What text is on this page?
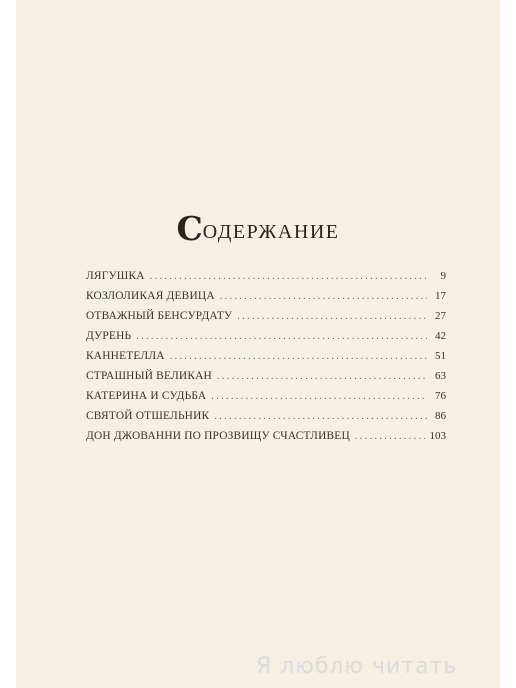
СОДЕРЖАНИЕ
ЛЯГУШКА .....	9
КОЗЛОЛИКАЯ ДЕВИЦА .....	17
ОТВАЖНЫЙ БЕНСУРДАТУ .....	27
ДУРЕНЬ .....	42
КАННЕТЕЛЛА .....	51
СТРАШНЫЙ ВЕЛИКАН .....	63
КАТЕРИНА И СУДЬБА .....	76
СВЯТОЙ ОТШЕЛЬНИК .....	86
ДОН ДЖОВАННИ ПО ПРОЗВИЩУ СЧАСТЛИВЕЦ .....	103
Я люблю читать
